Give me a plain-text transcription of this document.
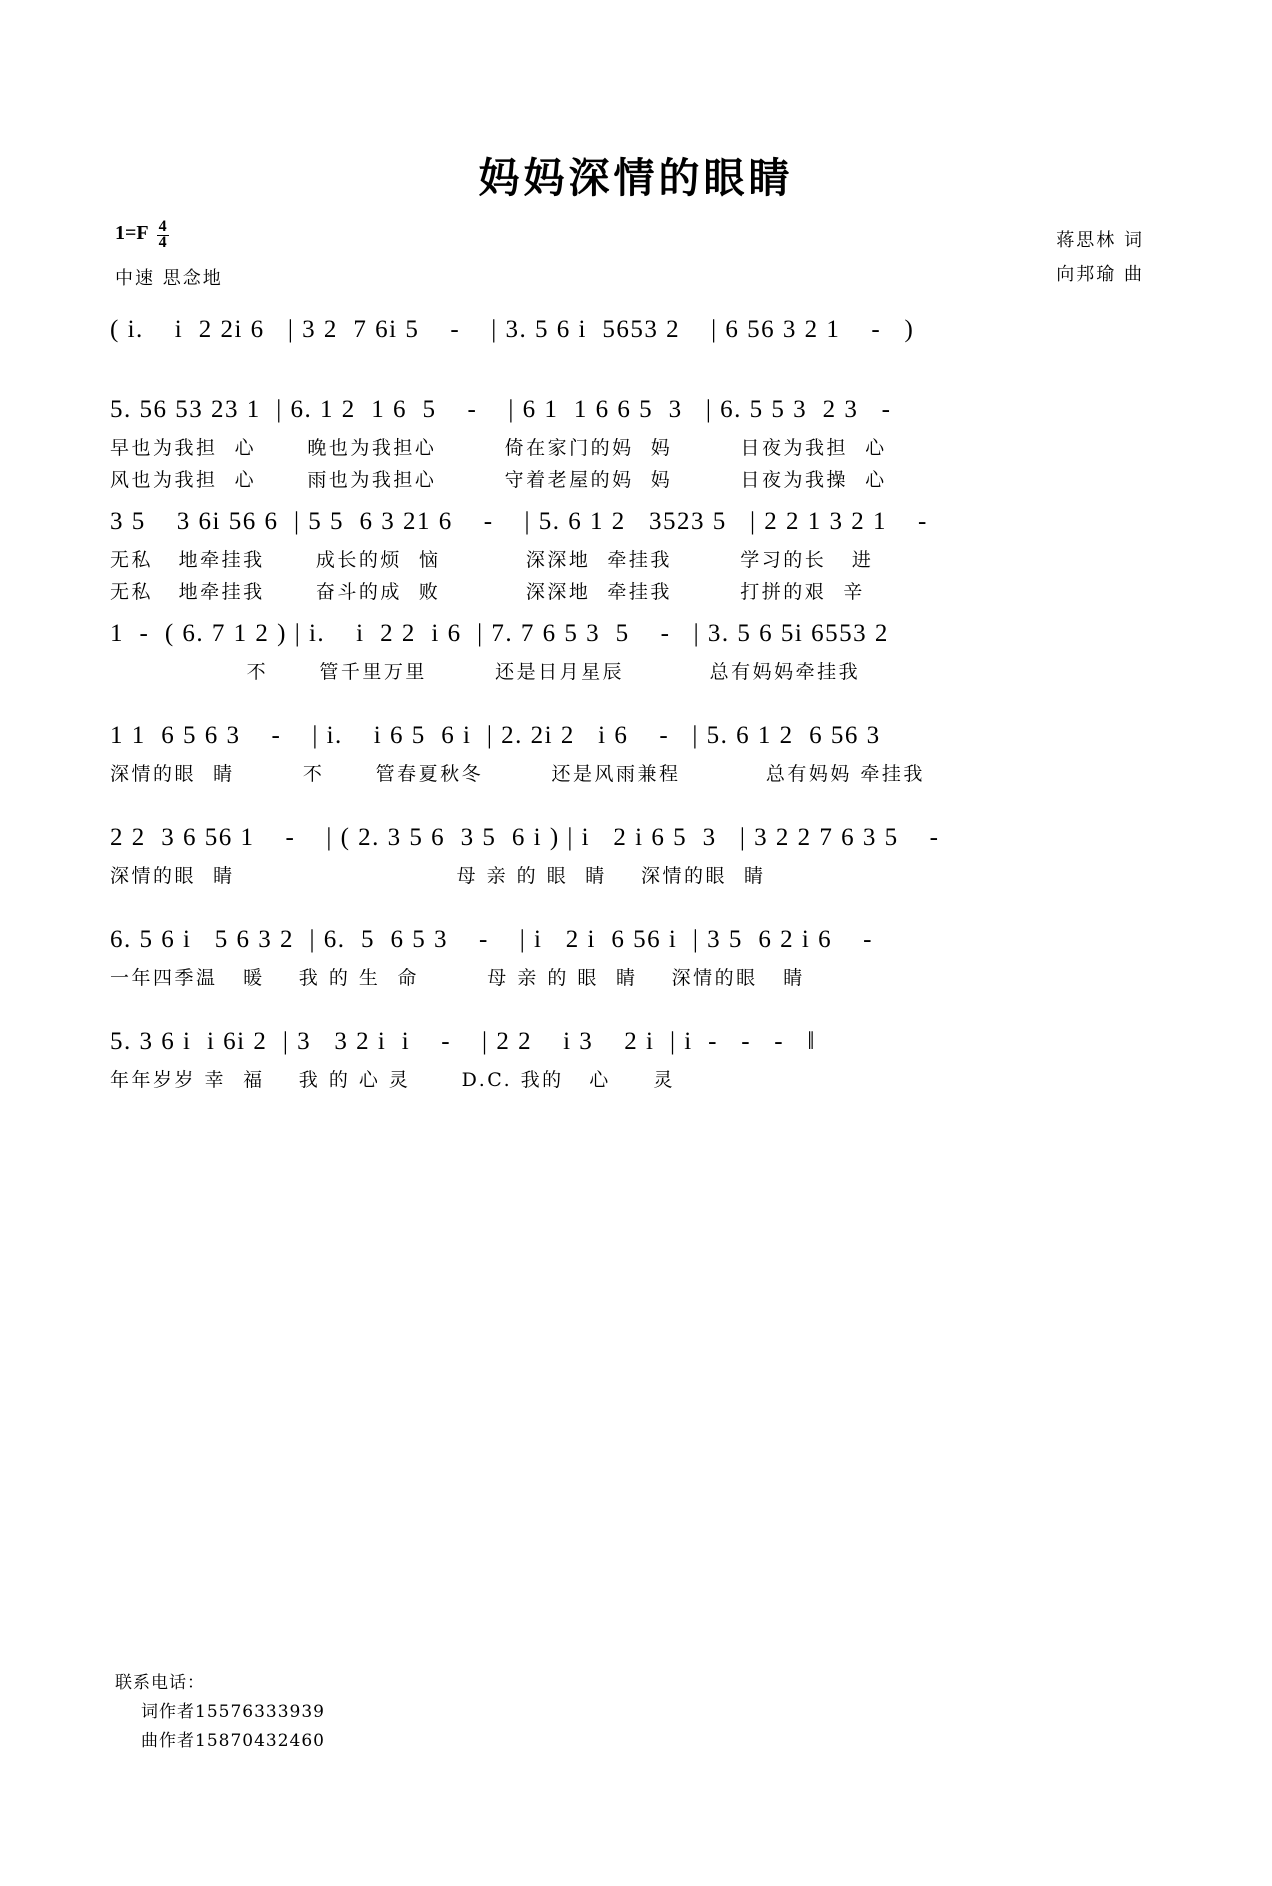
妈妈深情的眼睛
$1=F \frac{4}{4}$
中速 思念地
蒋思林 词
向邦瑜 曲
( i.    i  2 2i 6   | 3 2  7 6i 5    -    | 3. 5 6 i  5653 2    | 6 56 3 2 1    -   )
5. 56 53 23 1  | 6. 1 2  1 6  5    -    | 6 1  1 6 6 5  3   | 6. 5 5 3  2 3   -
早也为我担  心      晚也为我担心        倚在家门的妈  妈        日夜为我担  心
风也为我担  心      雨也为我担心        守着老屋的妈  妈        日夜为我操  心
3 5    3 6i 56 6  | 5 5  6 3 21 6    -    | 5. 6 1 2   3523 5   | 2 2 1 3 2 1    -
无私   地牵挂我      成长的烦  恼          深深地  牵挂我        学习的长   进
无私   地牵挂我      奋斗的成  败          深深地  牵挂我        打拼的艰  辛
1  -  ( 6. 7 1 2 ) | i.    i  2 2  i 6  | 7. 7 6 5 3  5    -   | 3. 5 6 5i 6553 2
不      管千里万里        还是日月星辰          总有妈妈牵挂我
1 1  6 5 6 3    -    | i.    i 6 5  6 i  | 2. 2i 2   i 6    -   | 5. 6 1 2  6 56 3
深情的眼  睛        不      管春夏秋冬        还是风雨兼程          总有妈妈 牵挂我
2 2  3 6 56 1    -    | ( 2. 3 5 6  3 5  6 i ) | i   2 i 6 5  3   | 3 2 2 7 6 3 5    -
深情的眼  睛                          母 亲 的 眼  睛    深情的眼  睛
6. 5 6 i   5 6 3 2  | 6.  5  6 5 3    -    | i   2 i  6 56 i  | 3 5  6 2 i 6    -
一年四季温   暖    我 的 生  命        母 亲 的 眼  睛    深情的眼   睛
5. 3 6 i  i 6i 2  | 3   3 2 i  i    -    | 2 2    i 3    2 i  | i  -   -   -   ‖
年年岁岁 幸  福    我 的 心 灵      D.C. 我的   心     灵
联系电话：
词作者15576333939
曲作者15870432460
